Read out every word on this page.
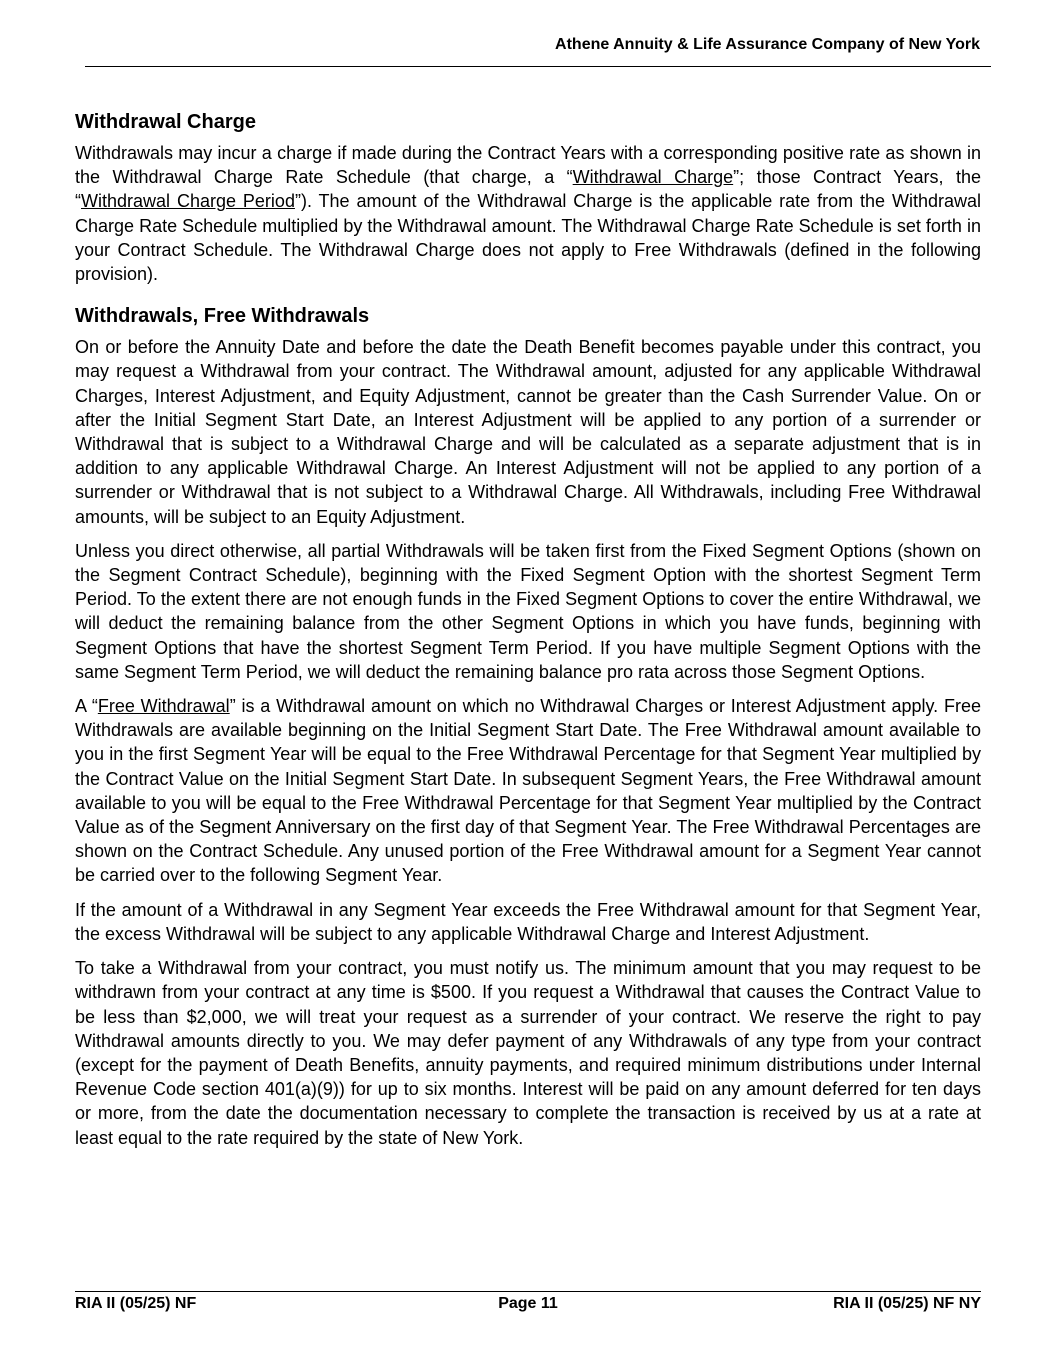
Athene Annuity & Life Assurance Company of New York
Withdrawal Charge

Withdrawals may incur a charge if made during the Contract Years with a corresponding positive rate as shown in the Withdrawal Charge Rate Schedule (that charge, a “Withdrawal Charge”; those Contract Years, the “Withdrawal Charge Period”). The amount of the Withdrawal Charge is the applicable rate from the Withdrawal Charge Rate Schedule multiplied by the Withdrawal amount. The Withdrawal Charge Rate Schedule is set forth in your Contract Schedule. The Withdrawal Charge does not apply to Free Withdrawals (defined in the following provision).

Withdrawals, Free Withdrawals

On or before the Annuity Date and before the date the Death Benefit becomes payable under this contract, you may request a Withdrawal from your contract. The Withdrawal amount, adjusted for any applicable Withdrawal Charges, Interest Adjustment, and Equity Adjustment, cannot be greater than the Cash Surrender Value. On or after the Initial Segment Start Date, an Interest Adjustment will be applied to any portion of a surrender or Withdrawal that is subject to a Withdrawal Charge and will be calculated as a separate adjustment that is in addition to any applicable Withdrawal Charge. An Interest Adjustment will not be applied to any portion of a surrender or Withdrawal that is not subject to a Withdrawal Charge. All Withdrawals, including Free Withdrawal amounts, will be subject to an Equity Adjustment.

Unless you direct otherwise, all partial Withdrawals will be taken first from the Fixed Segment Options (shown on the Segment Contract Schedule), beginning with the Fixed Segment Option with the shortest Segment Term Period. To the extent there are not enough funds in the Fixed Segment Options to cover the entire Withdrawal, we will deduct the remaining balance from the other Segment Options in which you have funds, beginning with Segment Options that have the shortest Segment Term Period. If you have multiple Segment Options with the same Segment Term Period, we will deduct the remaining balance pro rata across those Segment Options.

A “Free Withdrawal” is a Withdrawal amount on which no Withdrawal Charges or Interest Adjustment apply. Free Withdrawals are available beginning on the Initial Segment Start Date. The Free Withdrawal amount available to you in the first Segment Year will be equal to the Free Withdrawal Percentage for that Segment Year multiplied by the Contract Value on the Initial Segment Start Date. In subsequent Segment Years, the Free Withdrawal amount available to you will be equal to the Free Withdrawal Percentage for that Segment Year multiplied by the Contract Value as of the Segment Anniversary on the first day of that Segment Year. The Free Withdrawal Percentages are shown on the Contract Schedule. Any unused portion of the Free Withdrawal amount for a Segment Year cannot be carried over to the following Segment Year.

If the amount of a Withdrawal in any Segment Year exceeds the Free Withdrawal amount for that Segment Year, the excess Withdrawal will be subject to any applicable Withdrawal Charge and Interest Adjustment.

To take a Withdrawal from your contract, you must notify us. The minimum amount that you may request to be withdrawn from your contract at any time is $500. If you request a Withdrawal that causes the Contract Value to be less than $2,000, we will treat your request as a surrender of your contract. We reserve the right to pay Withdrawal amounts directly to you. We may defer payment of any Withdrawals of any type from your contract (except for the payment of Death Benefits, annuity payments, and required minimum distributions under Internal Revenue Code section 401(a)(9)) for up to six months. Interest will be paid on any amount deferred for ten days or more, from the date the documentation necessary to complete the transaction is received by us at a rate at least equal to the rate required by the state of New York.

RIA II (05/25) NF	Page 11	RIA II (05/25) NF NY
